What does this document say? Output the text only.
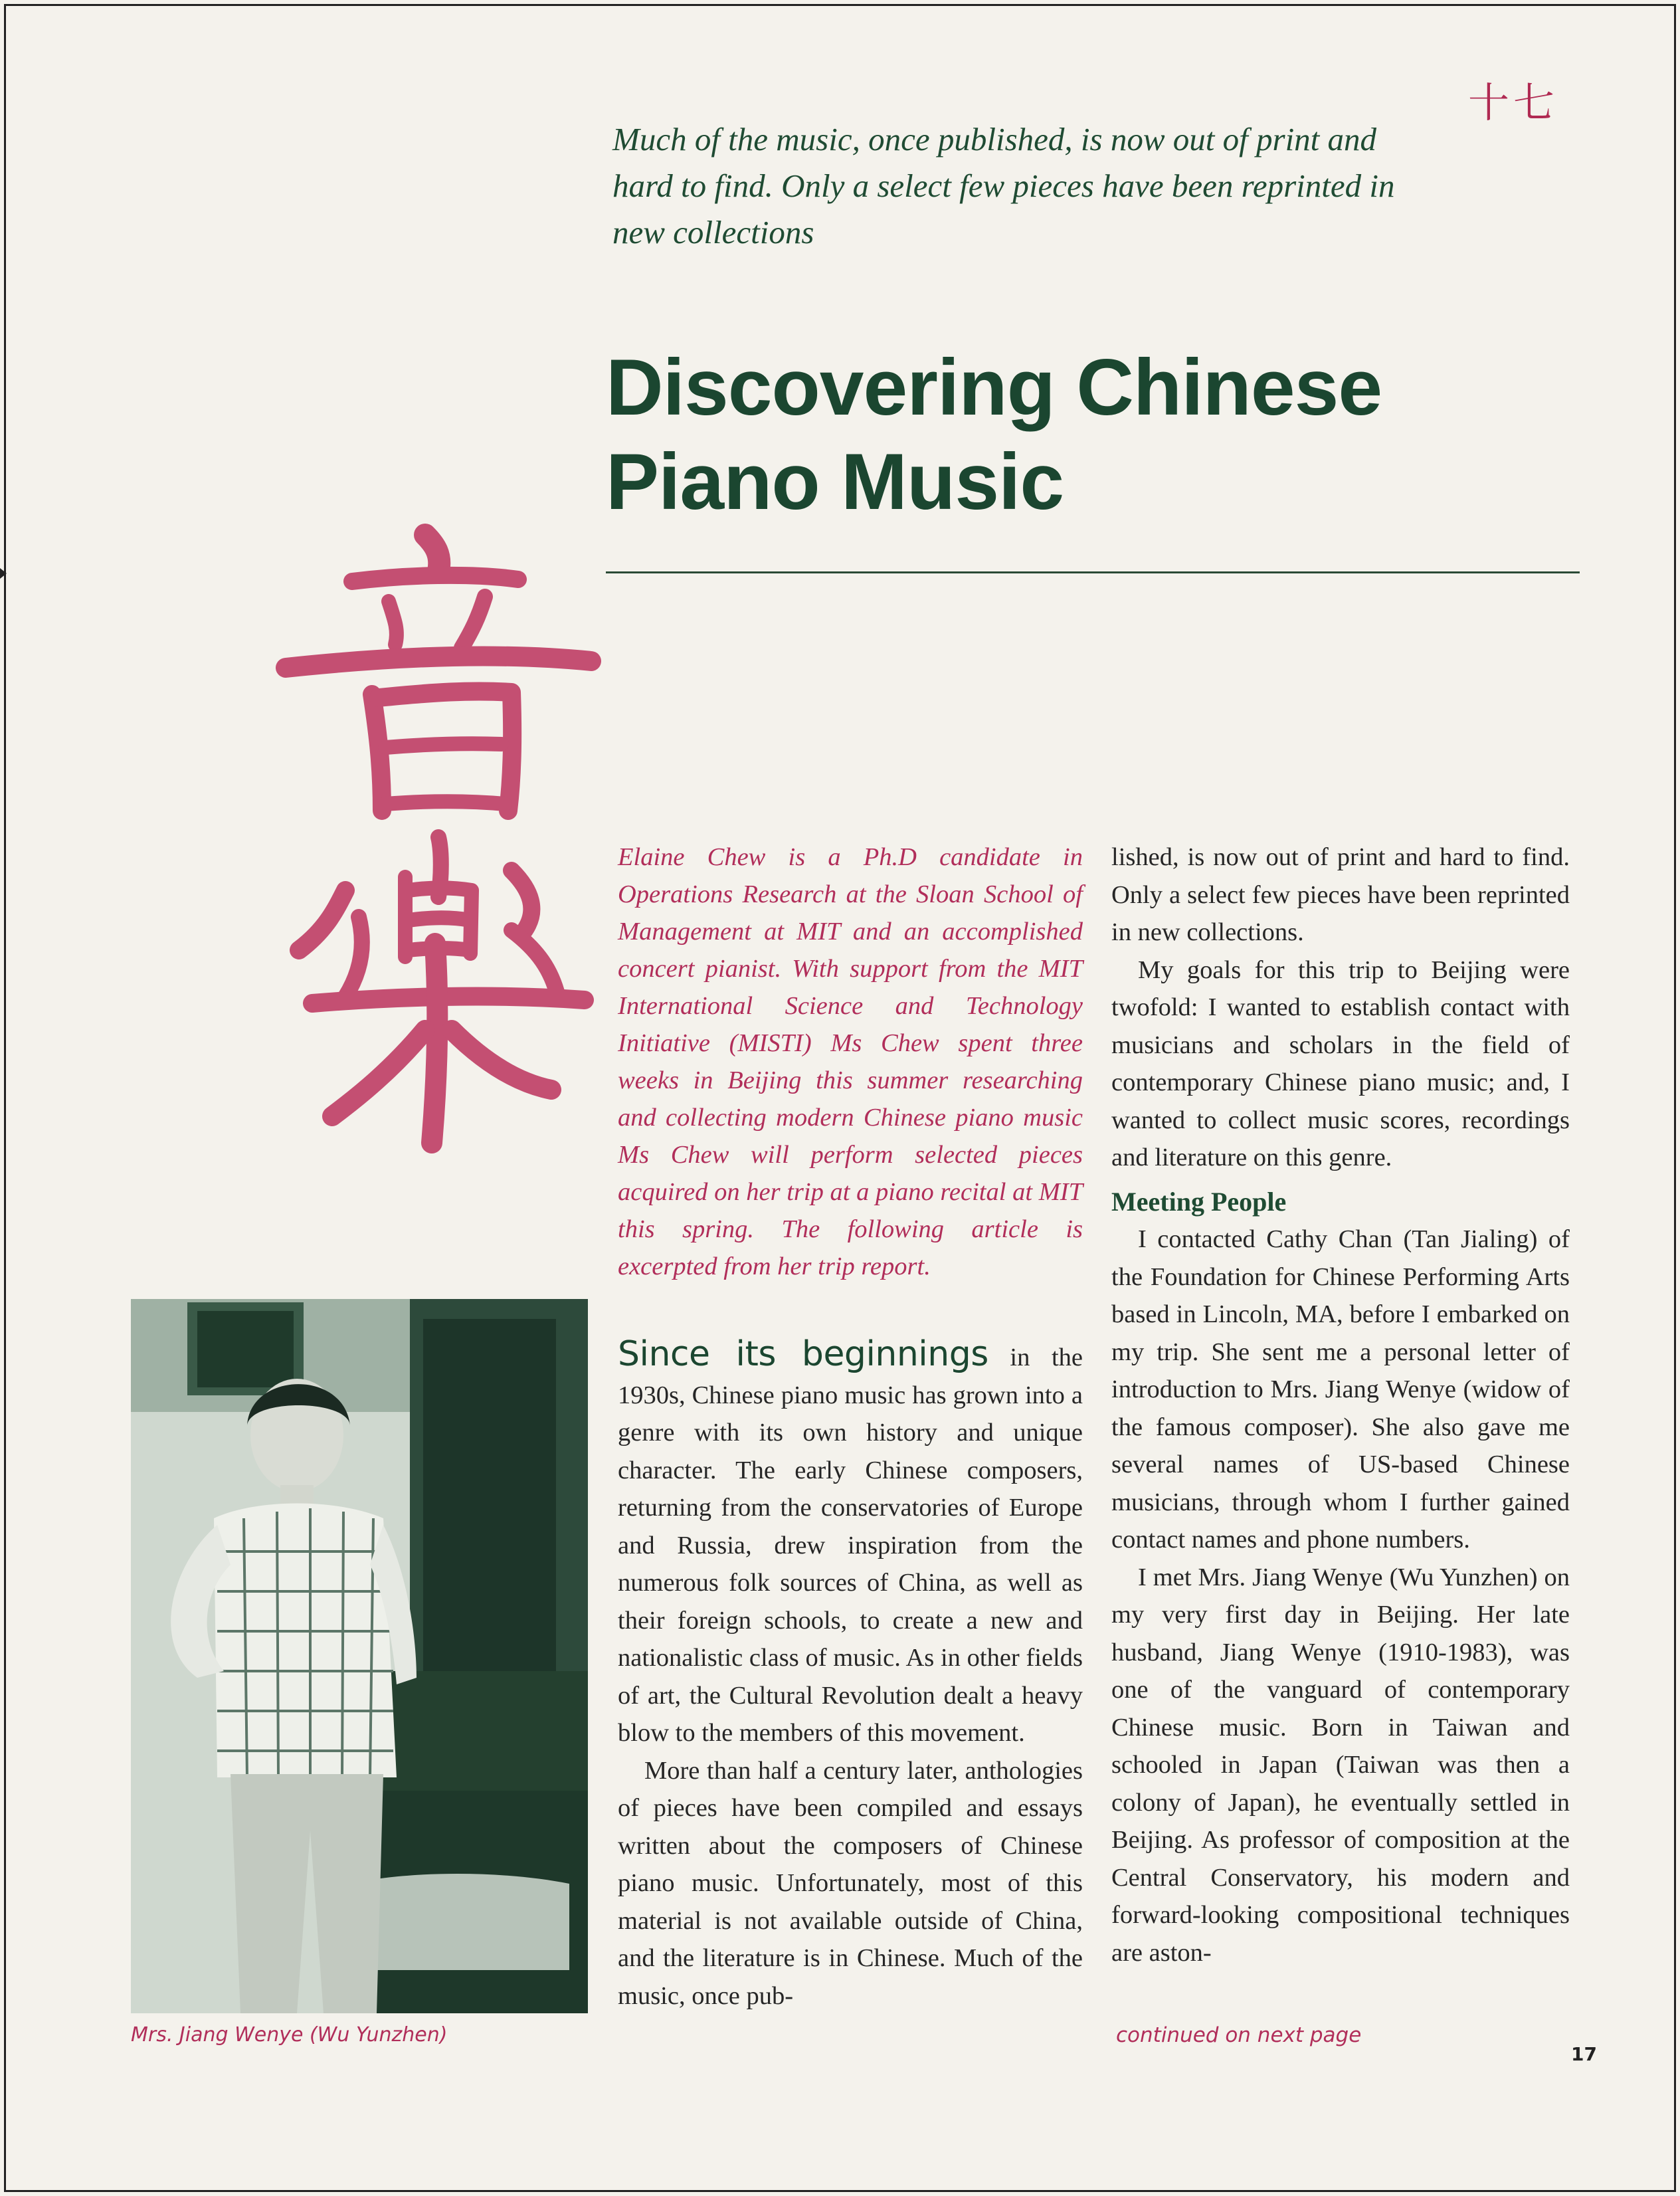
十七
Much of the music, once published, is now out of print and hard to find. Only a select few pieces have been reprinted in new collections
Discovering Chinese
Piano Music
Elaine Chew is a Ph.D candidate in Operations Research at the Sloan School of Management at MIT and an accomplished concert pianist. With support from the MIT International Science and Technology Initiative (MISTI) Ms Chew spent three weeks in Beijing this summer researching and collecting modern Chinese piano music Ms Chew will perform selected pieces acquired on her trip at a piano recital at MIT this spring. The following article is excerpted from her trip report.
Mrs. Jiang Wenye (Wu Yunzhen)

Since its beginnings in the 1930s, Chinese piano music has grown into a genre with its own history and unique character. The early Chinese composers, returning from the conservatories of Europe and Russia, drew inspiration from the numerous folk sources of China, as well as their foreign schools, to create a new and nationalistic class of music. As in other fields of art, the Cultural Revolution dealt a heavy blow to the members of this movement.

More than half a century later, anthologies of pieces have been compiled and essays written about the composers of Chinese piano music. Unfortunately, most of this material is not available outside of China, and the literature is in Chinese. Much of the music, once pub-

lished, is now out of print and hard to find. Only a select few pieces have been reprinted in new collections.

My goals for this trip to Beijing were twofold: I wanted to establish contact with musicians and scholars in the field of contemporary Chinese piano music; and, I wanted to collect music scores, recordings and literature on this genre.

Meeting People

I contacted Cathy Chan (Tan Jialing) of the Foundation for Chinese Performing Arts based in Lincoln, MA, before I embarked on my trip. She sent me a personal letter of introduction to Mrs. Jiang Wenye (widow of the famous composer). She also gave me several names of US-based Chinese musicians, through whom I further gained contact names and phone numbers.

I met Mrs. Jiang Wenye (Wu Yunzhen) on my very first day in Beijing. Her late husband, Jiang Wenye (1910-1983), was one of the vanguard of contemporary Chinese music. Born in Taiwan and schooled in Japan (Taiwan was then a colony of Japan), he eventually settled in Beijing. As professor of composition at the Central Conservatory, his modern and forward-looking compositional techniques are aston-

continued on next page
17
